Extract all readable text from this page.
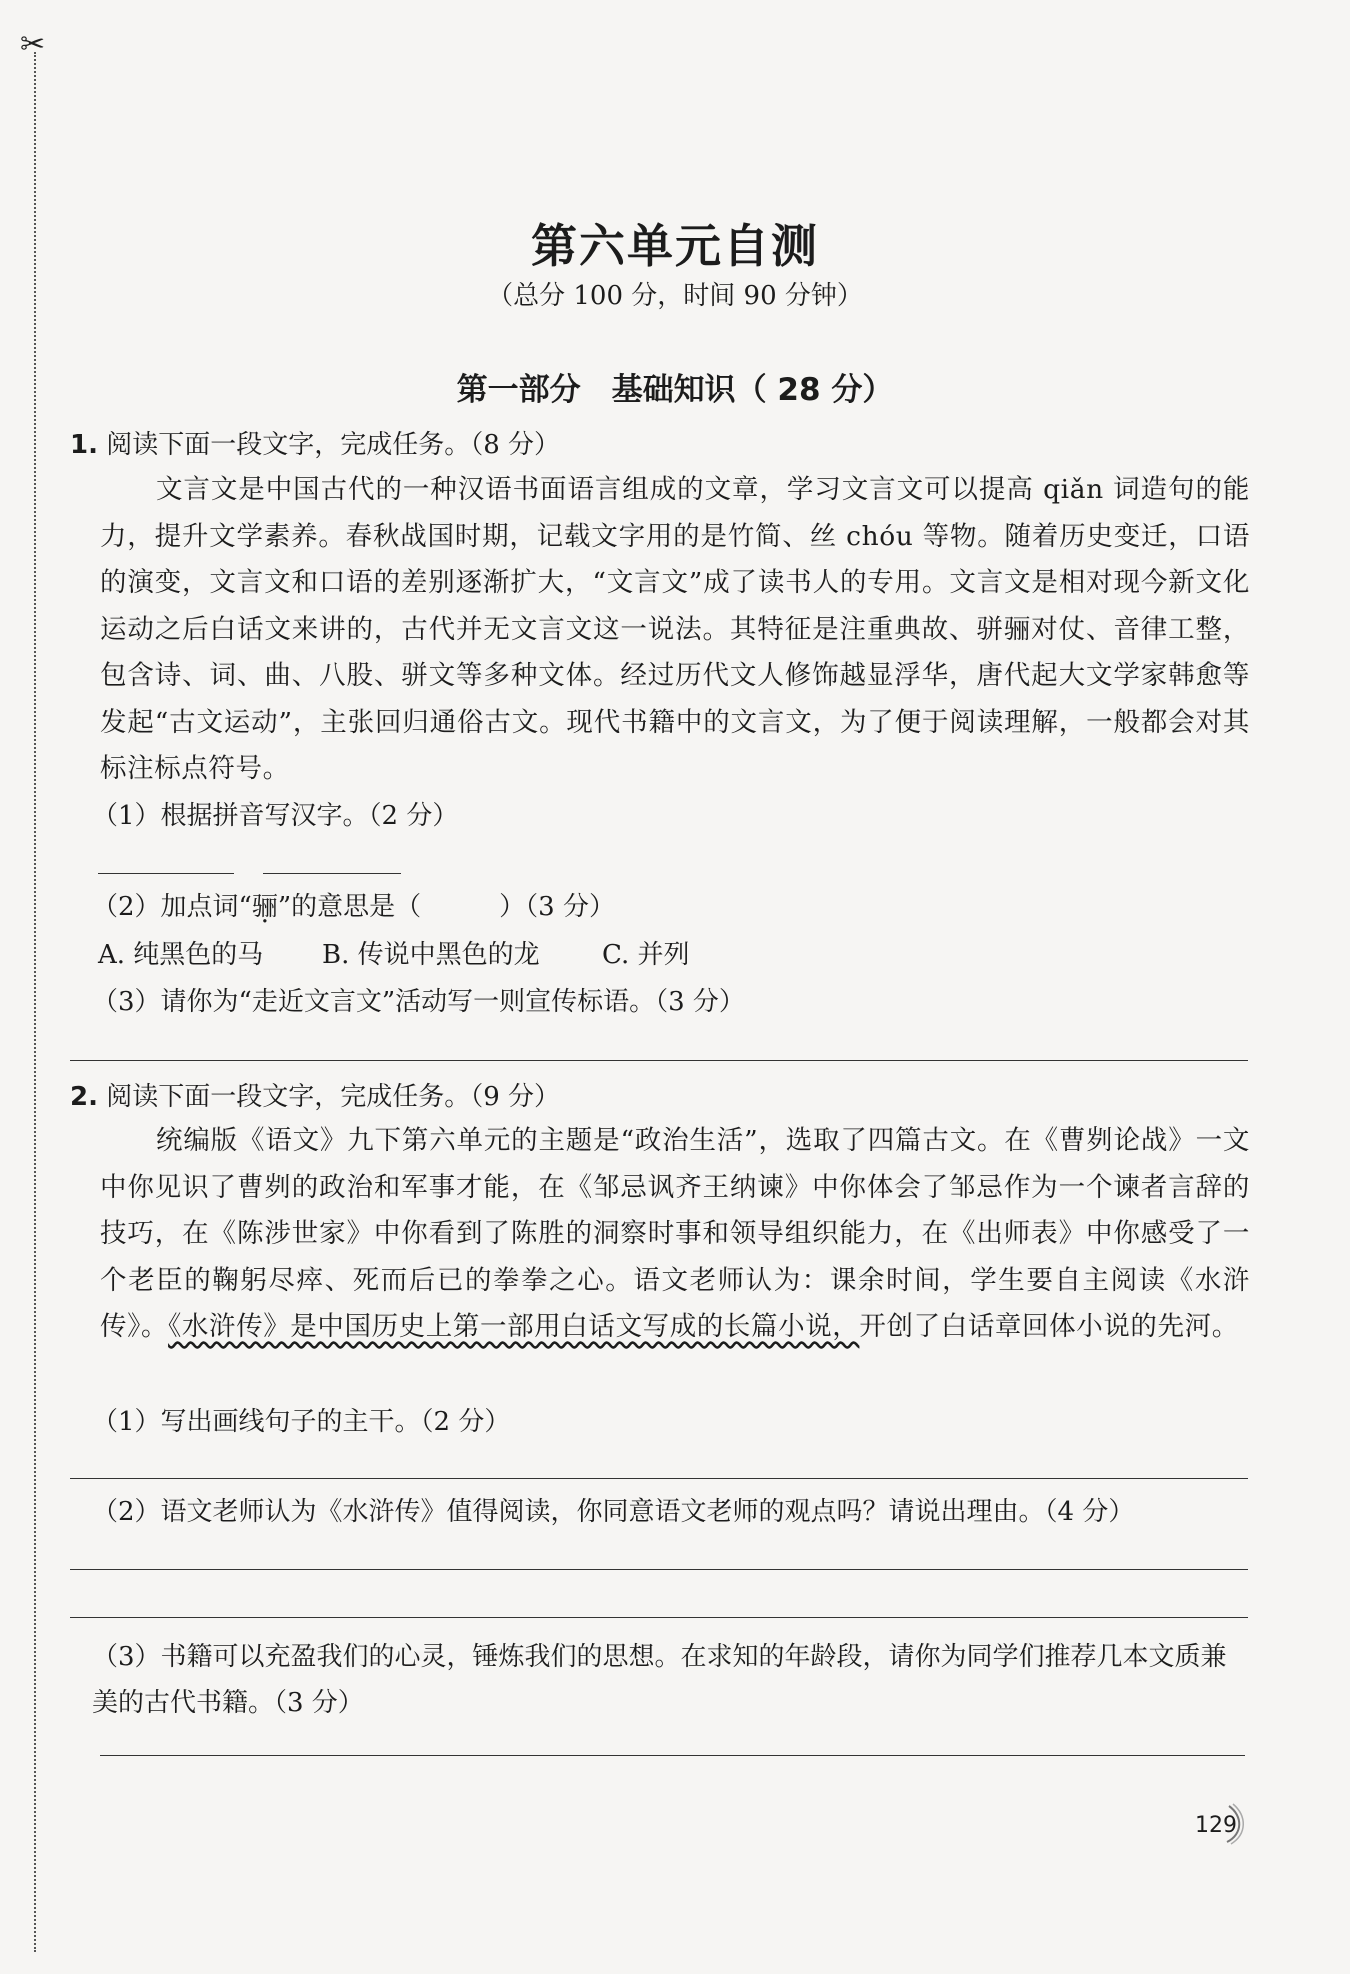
✂
第六单元自测
（总分 100 分，时间 90 分钟）
第一部分　基础知识（ 28 分）
1. 阅读下面一段文字，完成任务。（8 分）
文言文是中国古代的一种汉语书面语言组成的文章，学习文言文可以提高 qiǎn 词造句的能力，提升文学素养。春秋战国时期，记载文字用的是竹简、丝 chóu 等物。随着历史变迁，口语的演变，文言文和口语的差别逐渐扩大，“文言文”成了读书人的专用。文言文是相对现今新文化运动之后白话文来讲的，古代并无文言文这一说法。其特征是注重典故、骈骊对仗、音律工整，包含诗、词、曲、八股、骈文等多种文体。经过历代文人修饰越显浮华，唐代起大文学家韩愈等发起“古文运动”，主张回归通俗古文。现代书籍中的文言文，为了便于阅读理解，一般都会对其标注标点符号。
（1）根据拼音写汉字。（2 分）
（2）加点词“骊”的意思是（　　　）（3 分）
A. 纯黑色的马 B. 传说中黑色的龙 C. 并列
（3）请你为“走近文言文”活动写一则宣传标语。（3 分）
2. 阅读下面一段文字，完成任务。（9 分）
统编版《语文》九下第六单元的主题是“政治生活”，选取了四篇古文。在《曹刿论战》一文中你见识了曹刿的政治和军事才能，在《邹忌讽齐王纳谏》中你体会了邹忌作为一个谏者言辞的技巧，在《陈涉世家》中你看到了陈胜的洞察时事和领导组织能力，在《出师表》中你感受了一个老臣的鞠躬尽瘁、死而后已的拳拳之心。语文老师认为：课余时间，学生要自主阅读《水浒传》。《水浒传》是中国历史上第一部用白话文写成的长篇小说，开创了白话章回体小说的先河。
（1）写出画线句子的主干。（2 分）
（2）语文老师认为《水浒传》值得阅读，你同意语文老师的观点吗？请说出理由。（4 分）
（3）书籍可以充盈我们的心灵，锤炼我们的思想。在求知的年龄段，请你为同学们推荐几本文质兼美的古代书籍。（3 分）
129
